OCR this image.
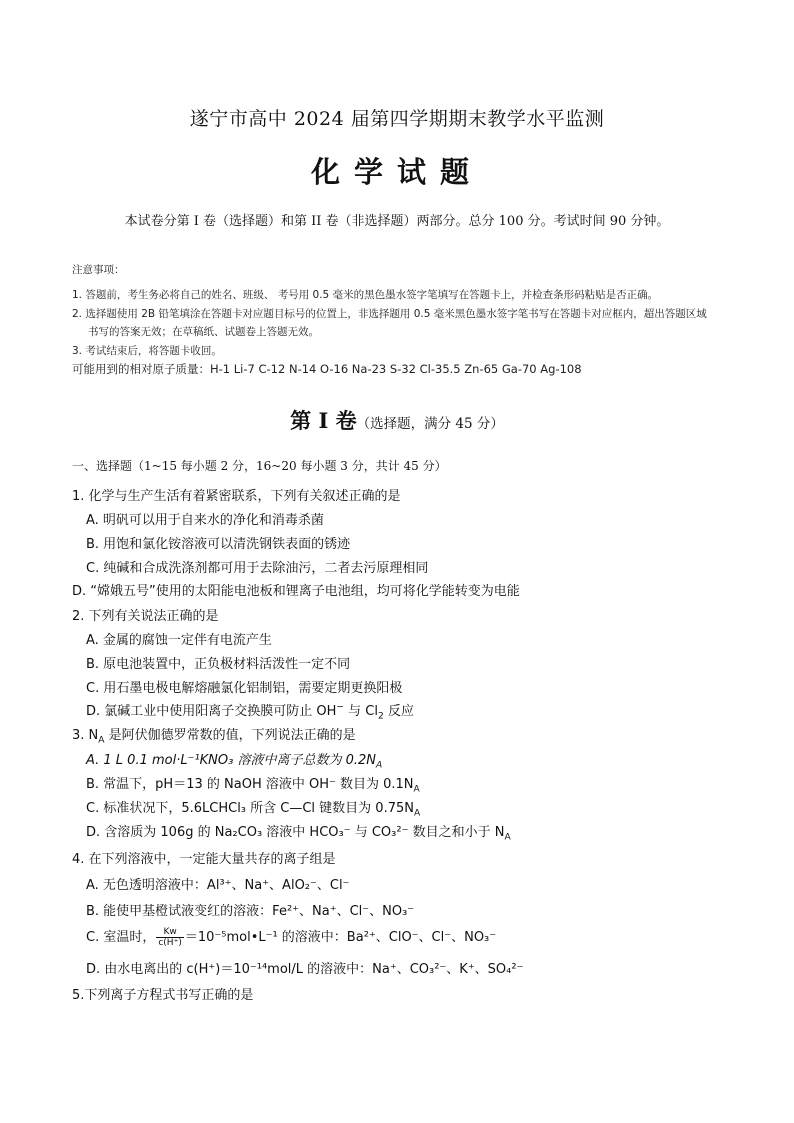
遂宁市高中 2024 届第四学期期末教学水平监测
化学试题
本试卷分第 I 卷（选择题）和第 II 卷（非选择题）两部分。总分 100 分。考试时间 90 分钟。
注意事项：
1. 答题前，考生务必将自己的姓名、班级、 考号用 0.5 毫米的黑色墨水签字笔填写在答题卡上，并检查条形码粘贴是否正确。
2. 选择题使用 2B 铅笔填涂在答题卡对应题目标号的位置上，非选择题用 0.5 毫米黑色墨水签字笔书写在答题卡对应框内，超出答题区域
书写的答案无效；在草稿纸、试题卷上答题无效。
3. 考试结束后，将答题卡收回。
可能用到的相对原子质量：H-1 Li-7 C-12 N-14 O-16 Na-23 S-32 Cl-35.5 Zn-65 Ga-70 Ag-108
第 Ⅰ 卷（选择题，满分 45 分）
一、选择题（1~15 每小题 2 分，16~20 每小题 3 分，共计 45 分）
1. 化学与生产生活有着紧密联系，下列有关叙述正确的是
A. 明矾可以用于自来水的净化和消毒杀菌
B. 用饱和氯化铵溶液可以清洗钢铁表面的锈迹
C. 纯碱和合成洗涤剂都可用于去除油污，二者去污原理相同
D. “嫦娥五号”使用的太阳能电池板和锂离子电池组，均可将化学能转变为电能
2. 下列有关说法正确的是
A. 金属的腐蚀一定伴有电流产生
B. 原电池装置中，正负极材料活泼性一定不同
C. 用石墨电极电解熔融氯化铝制铝，需要定期更换阳极
D. 氯碱工业中使用阳离子交换膜可防止 OH− 与 $Cl_2$ 反应
3. $N_A$ 是阿伏伽德罗常数的值，下列说法正确的是
A. 1 L 0.1 mol·L⁻¹KNO₃ 溶液中离子总数为 $0.2N_A$
B. 常温下，pH＝13 的 NaOH 溶液中 OH⁻ 数目为 $0.1N_A$
C. 标准状况下，5.6LCHCl₃ 所含 C—Cl 键数目为 $0.75N_A$
D. 含溶质为 106g 的 Na₂CO₃ 溶液中 HCO₃⁻ 与 CO₃²⁻ 数目之和小于 $N_A$
4. 在下列溶液中，一定能大量共存的离子组是
A. 无色透明溶液中：Al³⁺、Na⁺、AlO₂⁻、Cl⁻
B. 能使甲基橙试液变红的溶液：Fe²⁺、Na⁺、Cl⁻、NO₃⁻
C. 室温时， $\frac{Kw}{c(H^+)}$ ＝10⁻⁵mol•L⁻¹ 的溶液中：Ba²⁺、ClO⁻、Cl⁻、NO₃⁻
D. 由水电离出的 c(H⁺)＝10⁻¹⁴mol/L 的溶液中：Na⁺、CO₃²⁻、K⁺、SO₄²⁻
5.下列离子方程式书写正确的是
